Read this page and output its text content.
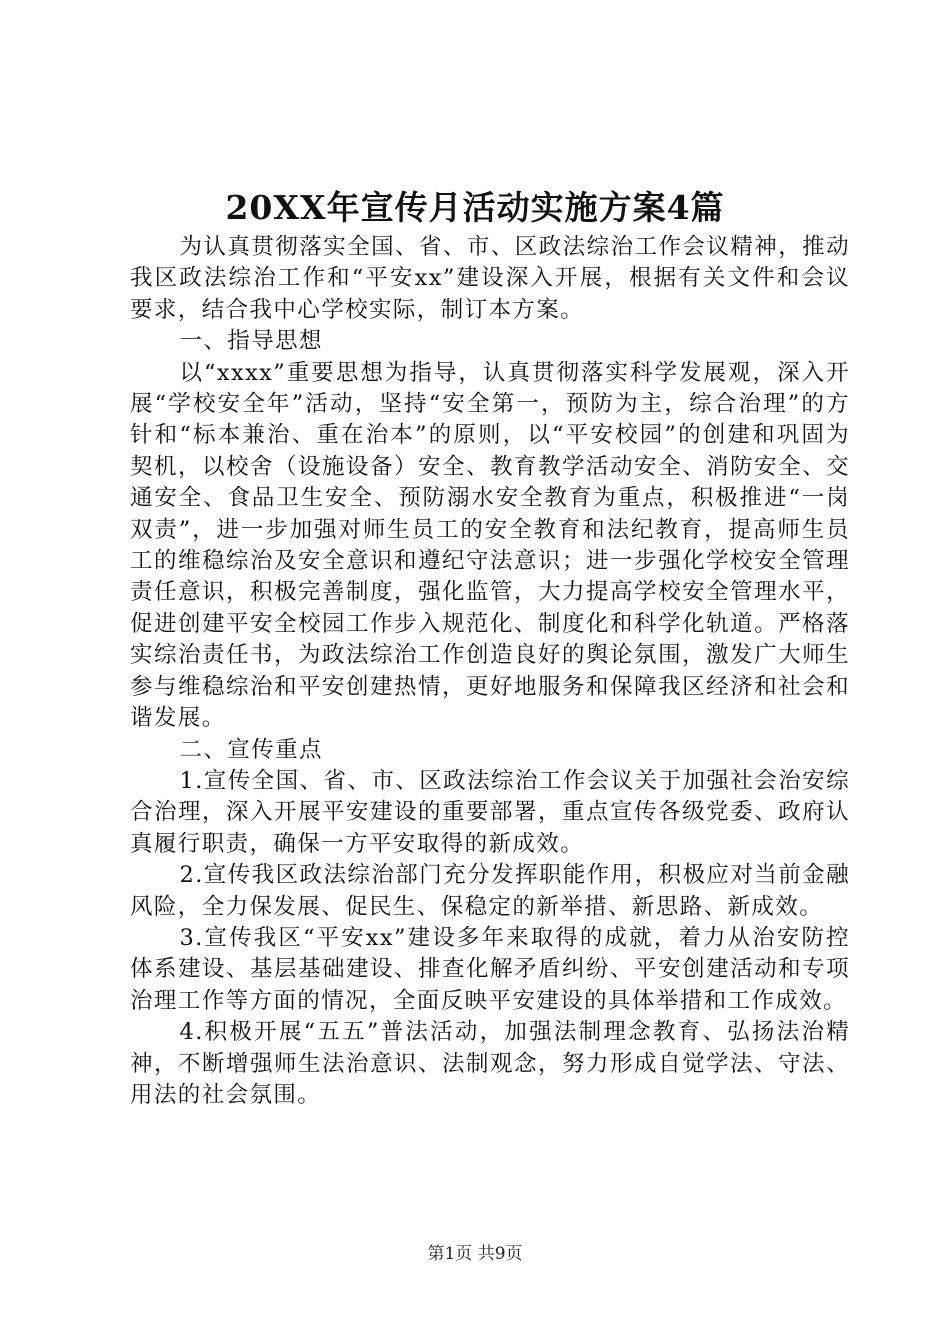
20XX年宣传月活动实施方案4篇

为认真贯彻落实全国、省、市、区政法综治工作会议精神，推动我区政法综治工作和“平安xx”建设深入开展，根据有关文件和会议要求，结合我中心学校实际，制订本方案。

一、指导思想

以“xxxx”重要思想为指导，认真贯彻落实科学发展观，深入开展“学校安全年”活动，坚持“安全第一，预防为主，综合治理”的方针和“标本兼治、重在治本”的原则，以“平安校园”的创建和巩固为契机，以校舍（设施设备）安全、教育教学活动安全、消防安全、交通安全、食品卫生安全、预防溺水安全教育为重点，积极推进“一岗双责”，进一步加强对师生员工的安全教育和法纪教育，提高师生员工的维稳综治及安全意识和遵纪守法意识；进一步强化学校安全管理责任意识，积极完善制度，强化监管，大力提高学校安全管理水平，促进创建平安全校园工作步入规范化、制度化和科学化轨道。严格落实综治责任书，为政法综治工作创造良好的舆论氛围，激发广大师生参与维稳综治和平安创建热情，更好地服务和保障我区经济和社会和谐发展。

二、宣传重点

1.宣传全国、省、市、区政法综治工作会议关于加强社会治安综合治理，深入开展平安建设的重要部署，重点宣传各级党委、政府认真履行职责，确保一方平安取得的新成效。

2.宣传我区政法综治部门充分发挥职能作用，积极应对当前金融风险，全力保发展、促民生、保稳定的新举措、新思路、新成效。

3.宣传我区“平安xx”建设多年来取得的成就，着力从治安防控体系建设、基层基础建设、排查化解矛盾纠纷、平安创建活动和专项治理工作等方面的情况，全面反映平安建设的具体举措和工作成效。

4.积极开展“五五”普法活动，加强法制理念教育、弘扬法治精神，不断增强师生法治意识、法制观念，努力形成自觉学法、守法、用法的社会氛围。

第1页 共9页
